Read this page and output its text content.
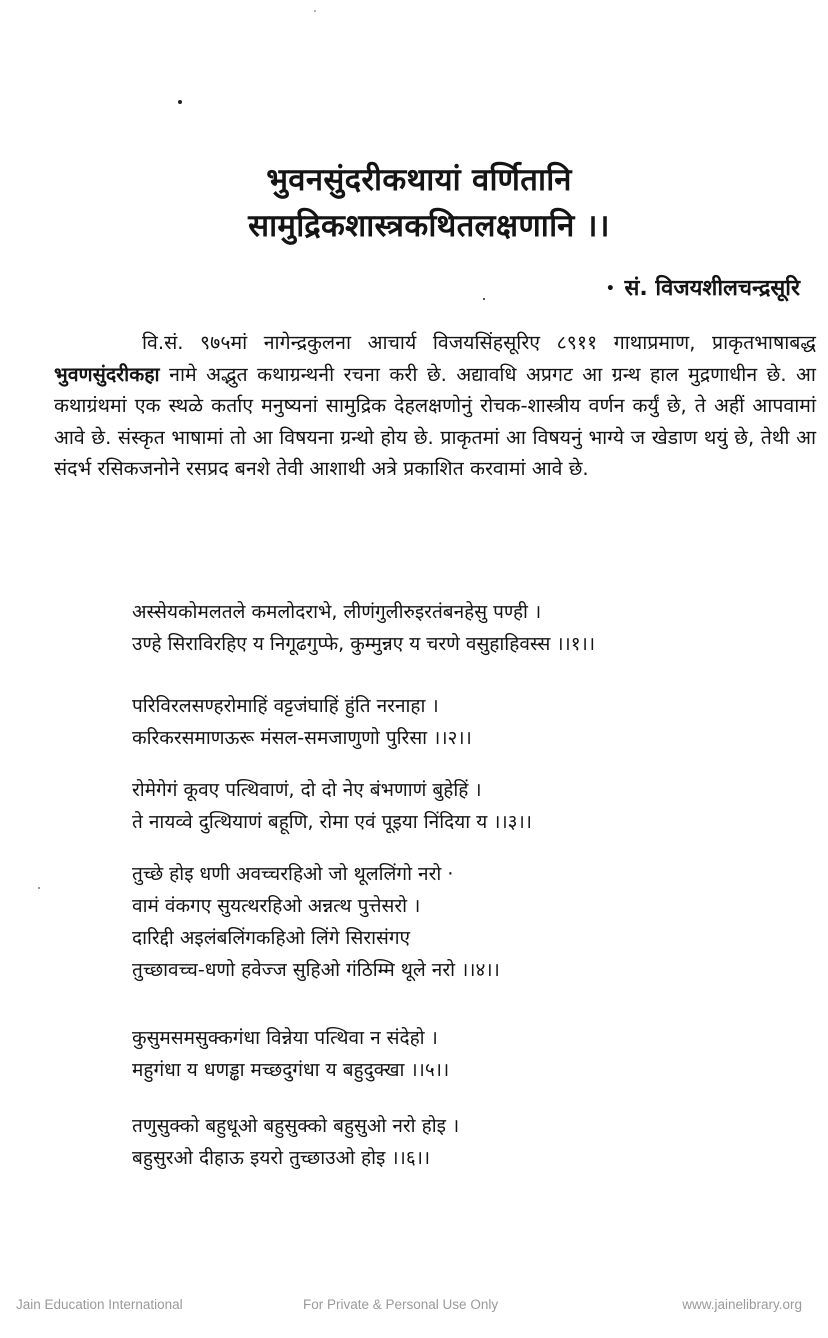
भुवनसुंदरीकथायां वर्णितानि
सामुद्रिकशास्त्रकथितलक्षणानि ।।
• सं. विजयशीलचन्द्रसूरि

वि.सं. ९७५मां नागेन्द्रकुलना आचार्य विजयसिंहसूरिए ८९११ गाथाप्रमाण, प्राकृतभाषाबद्ध भुवणसुंदरीकहा नामे अद्भुत कथाग्रन्थनी रचना करी छे. अद्यावधि अप्रगट आ ग्रन्थ हाल मुद्रणाधीन छे. आ कथाग्रंथमां एक स्थळे कर्ताए मनुष्यनां सामुद्रिक देहलक्षणोनुं रोचक-शास्त्रीय वर्णन कर्युं छे, ते अहीं आपवामां आवे छे. संस्कृत भाषामां तो आ विषयना ग्रन्थो होय छे. प्राकृतमां आ विषयनुं भाग्ये ज खेडाण थयुं छे, तेथी आ संदर्भ रसिकजनोने रसप्रद बनशे तेवी आशाथी अत्रे प्रकाशित करवामां आवे छे.

अस्सेयकोमलतले कमलोदराभे, लीणंगुलीरुइरतंबनहेसु पण्ही ।
उण्हे सिराविरहिए य निगूढगुप्फे, कुम्मुन्नए य चरणे वसुहाहिवस्स ।।१।।
परिविरलसण्हरोमाहिं वट्टजंघाहिं हुंति नरनाहा ।
करिकरसमाणऊरू मंसल-समजाणुणो पुरिसा ।।२।।
रोमेगेगं कूवए पत्थिवाणं, दो दो नेए बंभणाणं बुहेहिं ।
ते नायव्वे दुत्थियाणं बहूणि, रोमा एवं पूइया निंदिया य ।।३।।
तुच्छे होइ धणी अवच्चरहिओ जो थूललिंगो नरो ·
वामं वंकगए सुयत्थरहिओ अन्नत्थ पुत्तेसरो ।
दारिद्दी अइलंबलिंगकहिओ लिंगे सिरासंगए
तुच्छावच्च-धणो हवेज्ज सुहिओ गंठिम्मि थूले नरो ।।४।।
कुसुमसमसुक्कगंधा विन्नेया पत्थिवा न संदेहो ।
महुगंधा य धणड्ढा मच्छदुगंधा य बहुदुक्खा ।।५।।
तणुसुक्को बहुधूओ बहुसुक्को बहुसुओ नरो होइ ।
बहुसुरओ दीहाऊ इयरो तुच्छाउओ होइ ।।६।।
Jain Education International	For Private & Personal Use Only	www.jainelibrary.org
